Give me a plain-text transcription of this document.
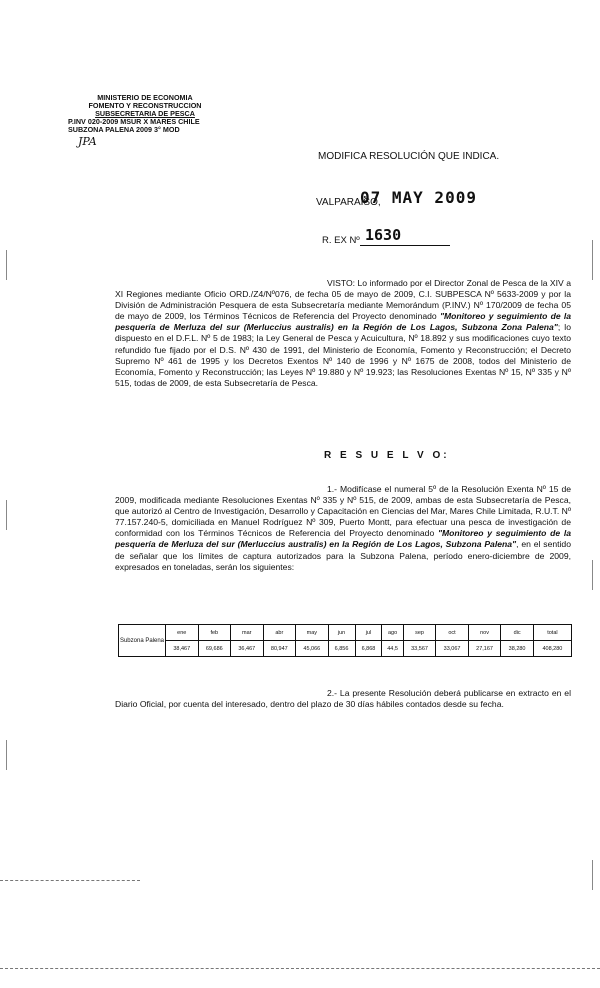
MINISTERIO DE ECONOMIA
FOMENTO Y RECONSTRUCCION
SUBSECRETARIA DE PESCA
P.INV 020-2009 MSUR X MARES CHILE
SUBZONA PALENA 2009 3° MOD
JPA
MODIFICA RESOLUCIÓN QUE INDICA.
VALPARAISO,
07 MAY 2009
R. EX Nº 1630

VISTO: Lo informado por el Director Zonal de Pesca de la XIV a XI Regiones mediante Oficio ORD./Z4/Nº076, de fecha 05 de mayo de 2009, C.I. SUBPESCA Nº 5633-2009 y por la División de Administración Pesquera de esta Subsecretaría mediante Memorándum (P.INV.) Nº 170/2009 de fecha 05 de mayo de 2009, los Términos Técnicos de Referencia del Proyecto denominado "Monitoreo y seguimiento de la pesquería de Merluza del sur (Merluccius australis) en la Región de Los Lagos, Subzona Zona Palena"; lo dispuesto en el D.F.L. Nº 5 de 1983; la Ley General de Pesca y Acuicultura, Nº 18.892 y sus modificaciones cuyo texto refundido fue fijado por el D.S. Nº 430 de 1991, del Ministerio de Economía, Fomento y Reconstrucción; el Decreto Supremo Nº 461 de 1995 y los Decretos Exentos Nº 140 de 1996 y Nº 1675 de 2008, todos del Ministerio de Economía, Fomento y Reconstrucción; las Leyes Nº 19.880 y Nº 19.923; las Resoluciones Exentas Nº 15, Nº 335 y Nº 515, todas de 2009, de esta Subsecretaría de Pesca.

R E S U E L V O:

1.- Modifícase el numeral 5º de la Resolución Exenta Nº 15 de 2009, modificada mediante Resoluciones Exentas Nº 335 y Nº 515, de 2009, ambas de esta Subsecretaría de Pesca, que autorizó al Centro de Investigación, Desarrollo y Capacitación en Ciencias del Mar, Mares Chile Limitada, R.U.T. Nº 77.157.240-5, domiciliada en Manuel Rodríguez Nº 309, Puerto Montt, para efectuar una pesca de investigación de conformidad con los Términos Técnicos de Referencia del Proyecto denominado "Monitoreo y seguimiento de la pesquería de Merluza del sur (Merluccius australis) en la Región de Los Lagos, Subzona Palena", en el sentido de señalar que los límites de captura autorizados para la Subzona Palena, período enero-diciembre de 2009, expresados en toneladas, serán los siguientes:

Subzona Palena	ene	feb	mar	abr	may	jun	jul	ago	sep	oct	nov	dic	total
	38,467	69,686	36,467	80,947	45,066	6,856	6,868	44,5	33,567	33,067	27,167	38,280	408,280

2.- La presente Resolución deberá publicarse en extracto en el Diario Oficial, por cuenta del interesado, dentro del plazo de 30 días hábiles contados desde su fecha.
